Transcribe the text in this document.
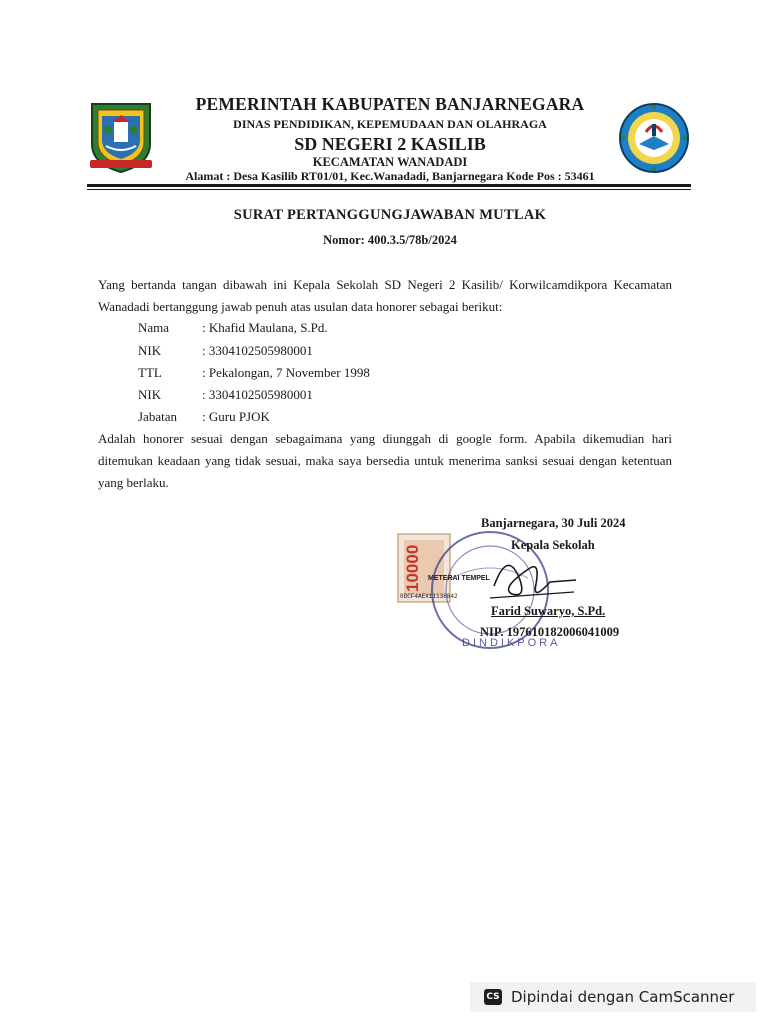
PEMERINTAH KABUPATEN BANJARNEGARA
DINAS PENDIDIKAN, KEPEMUDAAN DAN OLAHRAGA
SD NEGERI 2 KASILIB
KECAMATAN WANADADI
Alamat : Desa Kasilib RT01/01, Kec.Wanadadi, Banjarnegara Kode Pos : 53461
SURAT PERTANGGUNGJAWABAN MUTLAK
Nomor: 400.3.5/78b/2024
Yang bertanda tangan dibawah ini Kepala Sekolah SD Negeri 2 Kasilib/ Korwilcamdikpora Kecamatan Wanadadi bertanggung jawab penuh atas usulan data honorer sebagai berikut:
Nama	: Khafid Maulana, S.Pd.
NIK	: 3304102505980001
TTL	: Pekalongan, 7 November 1998
NIK	: 3304102505980001
Jabatan	: Guru PJOK
Adalah honorer sesuai dengan sebagaimana yang diunggah di google form. Apabila dikemudian hari ditemukan keadaan yang tidak sesuai, maka saya bersedia untuk menerima sanksi sesuai dengan ketentuan yang berlaku.
10000 METERAI TEMPEL
0DCF4AEX11138842
DINDIKPORA
Banjarnegara, 30 Juli 2024
Kepala Sekolah
Farid Suwaryo, S.Pd.
NIP. 197610182006041009
CS Dipindai dengan CamScanner
